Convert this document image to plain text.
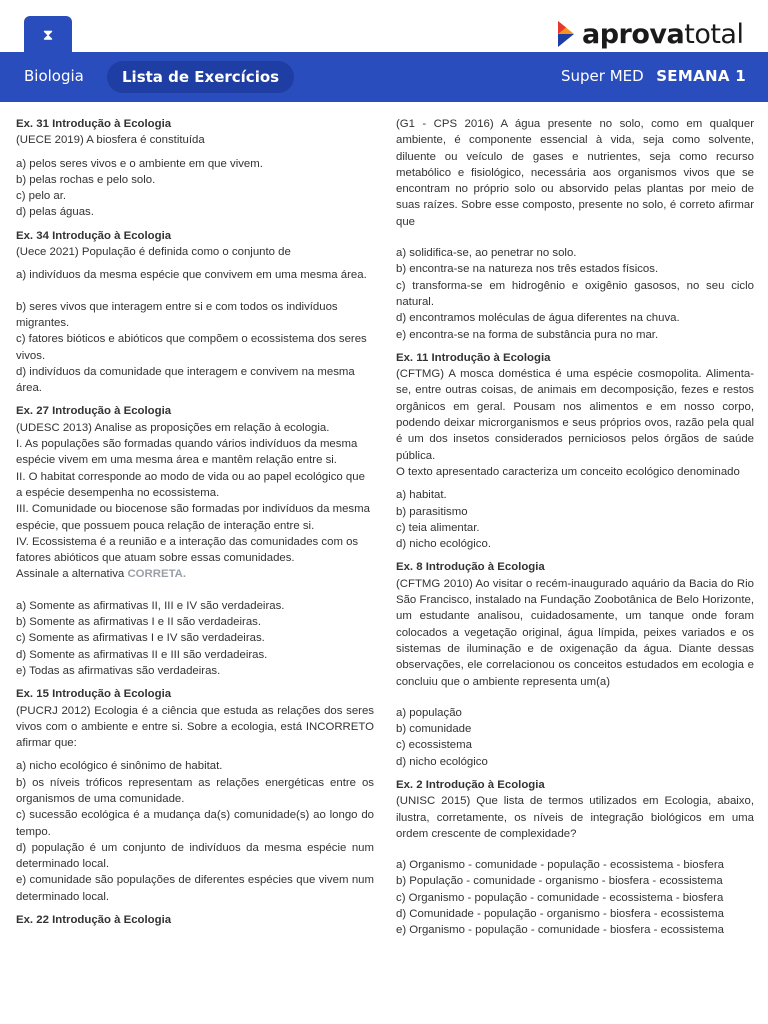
⧗	aprovatotal
Biologia	Lista de Exercícios	Super MED SEMANA 1
Ex. 31 Introdução à Ecologia
(UECE 2019) A biosfera é constituída
a) pelos seres vivos e o ambiente em que vivem.
b) pelas rochas e pelo solo.
c) pelo ar.
d) pelas águas.
Ex. 34 Introdução à Ecologia
(Uece 2021) População é definida como o conjunto de
a) indivíduos da mesma espécie que convivem em uma mesma área.
b) seres vivos que interagem entre si e com todos os indivíduos migrantes.
c) fatores bióticos e abióticos que compõem o ecossistema dos seres vivos.
d) indivíduos da comunidade que interagem e convivem na mesma área.
Ex. 27 Introdução à Ecologia
(UDESC 2013) Analise as proposições em relação à ecologia.
I. As populações são formadas quando vários indivíduos da mesma espécie vivem em uma mesma área e mantêm relação entre si.
II. O habitat corresponde ao modo de vida ou ao papel ecológico que a espécie desempenha no ecossistema.
III. Comunidade ou biocenose são formadas por indivíduos da mesma espécie, que possuem pouca relação de interação entre si.
IV. Ecossistema é a reunião e a interação das comunidades com os fatores abióticos que atuam sobre essas comunidades.
Assinale a alternativa CORRETA.
a) Somente as afirmativas II, III e IV são verdadeiras.
b) Somente as afirmativas I e II são verdadeiras.
c) Somente as afirmativas I e IV são verdadeiras.
d) Somente as afirmativas II e III são verdadeiras.
e) Todas as afirmativas são verdadeiras.
Ex. 15 Introdução à Ecologia
(PUCRJ 2012) Ecologia é a ciência que estuda as relações dos seres vivos com o ambiente e entre si. Sobre a ecologia, está INCORRETO afirmar que:
a) nicho ecológico é sinônimo de habitat.
b) os níveis tróficos representam as relações energéticas entre os organismos de uma comunidade.
c) sucessão ecológica é a mudança da(s) comunidade(s) ao longo do tempo.
d) população é um conjunto de indivíduos da mesma espécie num determinado local.
e) comunidade são populações de diferentes espécies que vivem num determinado local.
Ex. 22 Introdução à Ecologia
(G1 - CPS 2016) A água presente no solo, como em qualquer ambiente, é componente essencial à vida, seja como solvente, diluente ou veículo de gases e nutrientes, seja como recurso metabólico e fisiológico, necessária aos organismos vivos que se encontram no próprio solo ou absorvido pelas plantas por meio de suas raízes. Sobre esse composto, presente no solo, é correto afirmar que
a) solidifica-se, ao penetrar no solo.
b) encontra-se na natureza nos três estados físicos.
c) transforma-se em hidrogênio e oxigênio gasosos, no seu ciclo natural.
d) encontramos moléculas de água diferentes na chuva.
e) encontra-se na forma de substância pura no mar.
Ex. 11 Introdução à Ecologia
(CFTMG) A mosca doméstica é uma espécie cosmopolita. Alimenta-se, entre outras coisas, de animais em decomposição, fezes e restos orgânicos em geral. Pousam nos alimentos e em nosso corpo, podendo deixar microrganismos e seus próprios ovos, razão pela qual é um dos insetos considerados perniciosos pelos órgãos de saúde pública.
O texto apresentado caracteriza um conceito ecológico denominado
a) habitat.
b) parasitismo
c) teia alimentar.
d) nicho ecológico.
Ex. 8 Introdução à Ecologia
(CFTMG 2010) Ao visitar o recém-inaugurado aquário da Bacia do Rio São Francisco, instalado na Fundação Zoobotânica de Belo Horizonte, um estudante analisou, cuidadosamente, um tanque onde foram colocados a vegetação original, água límpida, peixes variados e os sistemas de iluminação e de oxigenação da água. Diante dessas observações, ele correlacionou os conceitos estudados em ecologia e concluiu que o ambiente representa um(a)
a) população
b) comunidade
c) ecossistema
d) nicho ecológico
Ex. 2 Introdução à Ecologia
(UNISC 2015) Que lista de termos utilizados em Ecologia, abaixo, ilustra, corretamente, os níveis de integração biológicos em uma ordem crescente de complexidade?
a) Organismo - comunidade - população - ecossistema - biosfera
b) População - comunidade - organismo - biosfera - ecossistema
c) Organismo - população - comunidade - ecossistema - biosfera
d) Comunidade - população - organismo - biosfera - ecossistema
e) Organismo - população - comunidade - biosfera - ecossistema
